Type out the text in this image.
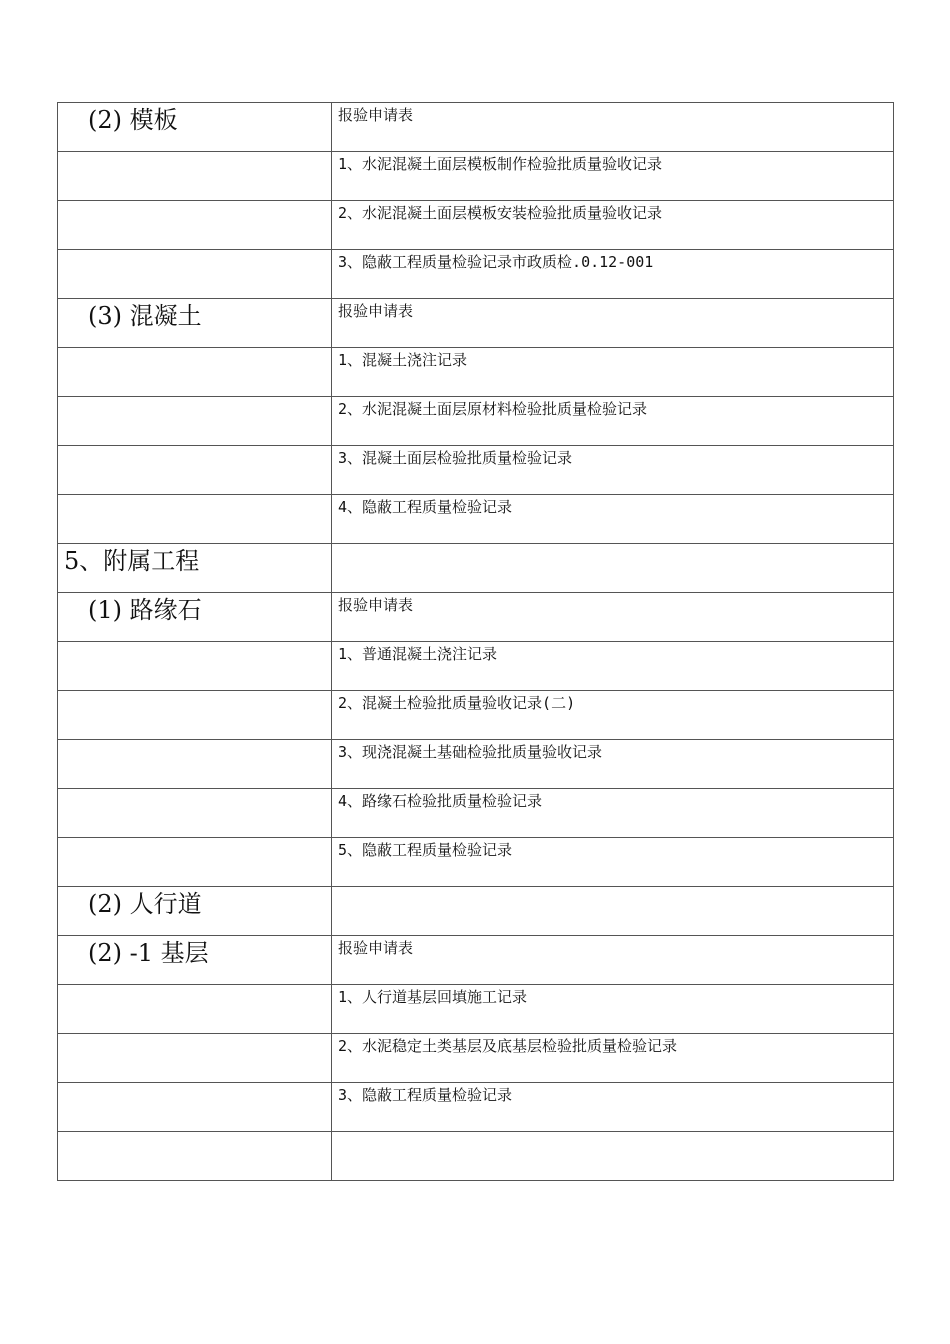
(2) 模板	报验申请表
	1、水泥混凝土面层模板制作检验批质量验收记录
	2、水泥混凝土面层模板安装检验批质量验收记录
	3、隐蔽工程质量检验记录市政质检.0.12-001
(3) 混凝土	报验申请表
	1、混凝土浇注记录
	2、水泥混凝土面层原材料检验批质量检验记录
	3、混凝土面层检验批质量检验记录
	4、隐蔽工程质量检验记录
5、附属工程	
(1) 路缘石	报验申请表
	1、普通混凝土浇注记录
	2、混凝土检验批质量验收记录(二)
	3、现浇混凝土基础检验批质量验收记录
	4、路缘石检验批质量检验记录
	5、隐蔽工程质量检验记录
(2) 人行道	
(2) -1 基层	报验申请表
	1、人行道基层回填施工记录
	2、水泥稳定土类基层及底基层检验批质量检验记录
	3、隐蔽工程质量检验记录
